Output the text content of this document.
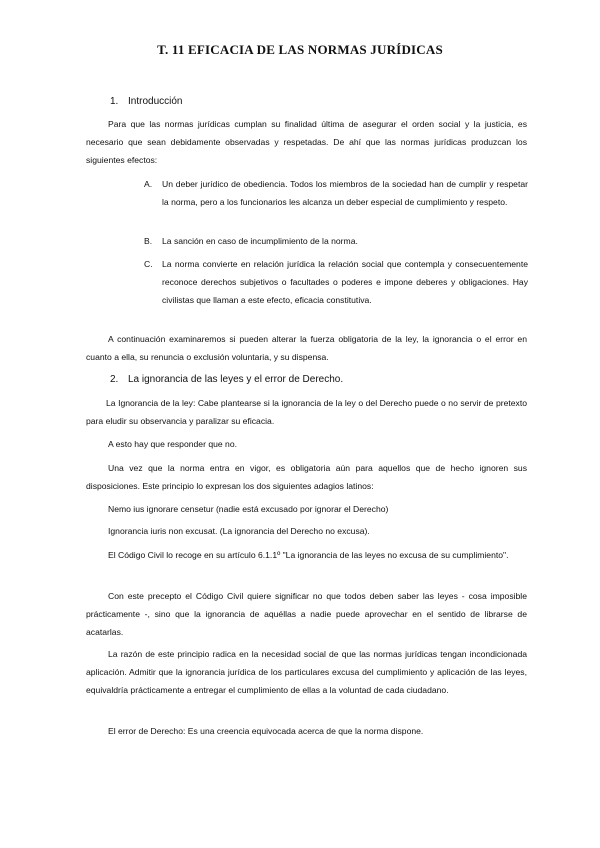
T. 11 EFICACIA DE LAS NORMAS JURÍDICAS
1. Introducción
Para que las normas jurídicas cumplan su finalidad última de asegurar el orden social y la justicia, es necesario que sean debidamente observadas y respetadas. De ahí que las normas jurídicas produzcan los siguientes efectos:
A. Un deber jurídico de obediencia. Todos los miembros de la sociedad han de cumplir y respetar la norma, pero a los funcionarios les alcanza un deber especial de cumplimiento y respeto.
B. La sanción en caso de incumplimiento de la norma.
C. La norma convierte en relación jurídica la relación social que contempla y consecuentemente reconoce derechos subjetivos o facultades o poderes e impone deberes y obligaciones. Hay civilistas que llaman a este efecto, eficacia constitutiva.
A continuación examinaremos si pueden alterar la fuerza obligatoria de la ley, la ignorancia o el error en cuanto a ella, su renuncia o exclusión voluntaria, y su dispensa.
2. La ignorancia de las leyes y el error de Derecho.
La Ignorancia de la ley: Cabe plantearse si la ignorancia de la ley o del Derecho puede o no servir de pretexto para eludir su observancia y paralizar su eficacia.
A esto hay que responder que no.
Una vez que la norma entra en vigor, es obligatoria aún para aquellos que de hecho ignoren sus disposiciones. Este principio lo expresan los dos siguientes adagios latinos:
Nemo ius ignorare censetur (nadie está excusado por ignorar el Derecho)
Ignorancia iuris non excusat. (La ignorancia del Derecho no excusa).
El Código Civil lo recoge en su artículo 6.1.1º "La ignorancia de las leyes no excusa de su cumplimiento".
Con este precepto el Código Civil quiere significar no que todos deben saber las leyes - cosa imposible prácticamente -, sino que la ignorancia de aquéllas a nadie puede aprovechar en el sentido de librarse de acatarlas.
La razón de este principio radica en la necesidad social de que las normas jurídicas tengan incondicionada aplicación. Admitir que la ignorancia jurídica de los particulares excusa del cumplimiento y aplicación de las leyes, equivaldría prácticamente a entregar el cumplimiento de ellas a la voluntad de cada ciudadano.
El error de Derecho: Es una creencia equivocada acerca de que la norma dispone.
